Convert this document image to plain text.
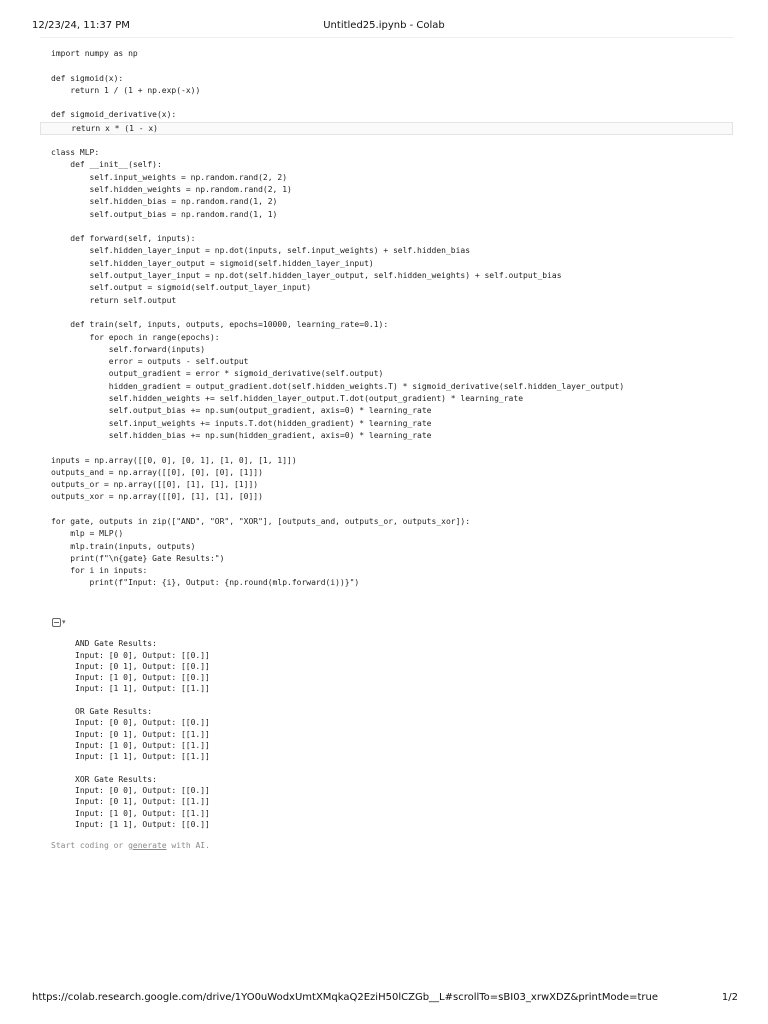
12/23/24, 11:37 PM	Untitled25.ipynb - Colab
import numpy as np
def sigmoid(x):
return 1 / (1 + np.exp(-x))
def sigmoid_derivative(x):
return x * (1 - x)
class MLP:
def __init__(self):
self.input_weights = np.random.rand(2, 2)
self.hidden_weights = np.random.rand(2, 1)
self.hidden_bias = np.random.rand(1, 2)
self.output_bias = np.random.rand(1, 1)
def forward(self, inputs):
self.hidden_layer_input = np.dot(inputs, self.input_weights) + self.hidden_bias
self.hidden_layer_output = sigmoid(self.hidden_layer_input)
self.output_layer_input = np.dot(self.hidden_layer_output, self.hidden_weights) + self.output_bias
self.output = sigmoid(self.output_layer_input)
return self.output
def train(self, inputs, outputs, epochs=10000, learning_rate=0.1):
for epoch in range(epochs):
self.forward(inputs)
error = outputs - self.output
output_gradient = error * sigmoid_derivative(self.output)
hidden_gradient = output_gradient.dot(self.hidden_weights.T) * sigmoid_derivative(self.hidden_layer_output)
self.hidden_weights += self.hidden_layer_output.T.dot(output_gradient) * learning_rate
self.output_bias += np.sum(output_gradient, axis=0) * learning_rate
self.input_weights += inputs.T.dot(hidden_gradient) * learning_rate
self.hidden_bias += np.sum(hidden_gradient, axis=0) * learning_rate
inputs = np.array([[0, 0], [0, 1], [1, 0], [1, 1]])
outputs_and = np.array([[0], [0], [0], [1]])
outputs_or = np.array([[0], [1], [1], [1]])
outputs_xor = np.array([[0], [1], [1], [0]])
for gate, outputs in zip(["AND", "OR", "XOR"], [outputs_and, outputs_or, outputs_xor]):
mlp = MLP()
mlp.train(inputs, outputs)
print(f"\n{gate} Gate Results:")
for i in inputs:
print(f"Input: {i}, Output: {np.round(mlp.forward(i))}")
▾
AND Gate Results:
Input: [0 0], Output: [[0.]]
Input: [0 1], Output: [[0.]]
Input: [1 0], Output: [[0.]]
Input: [1 1], Output: [[1.]]
OR Gate Results:
Input: [0 0], Output: [[0.]]
Input: [0 1], Output: [[1.]]
Input: [1 0], Output: [[1.]]
Input: [1 1], Output: [[1.]]
XOR Gate Results:
Input: [0 0], Output: [[0.]]
Input: [0 1], Output: [[1.]]
Input: [1 0], Output: [[1.]]
Input: [1 1], Output: [[0.]]
Start coding or generate with AI.
https://colab.research.google.com/drive/1YO0uWodxUmtXMqkaQ2EziH50lCZGb__L#scrollTo=sBI03_xrwXDZ&printMode=true	1/2
